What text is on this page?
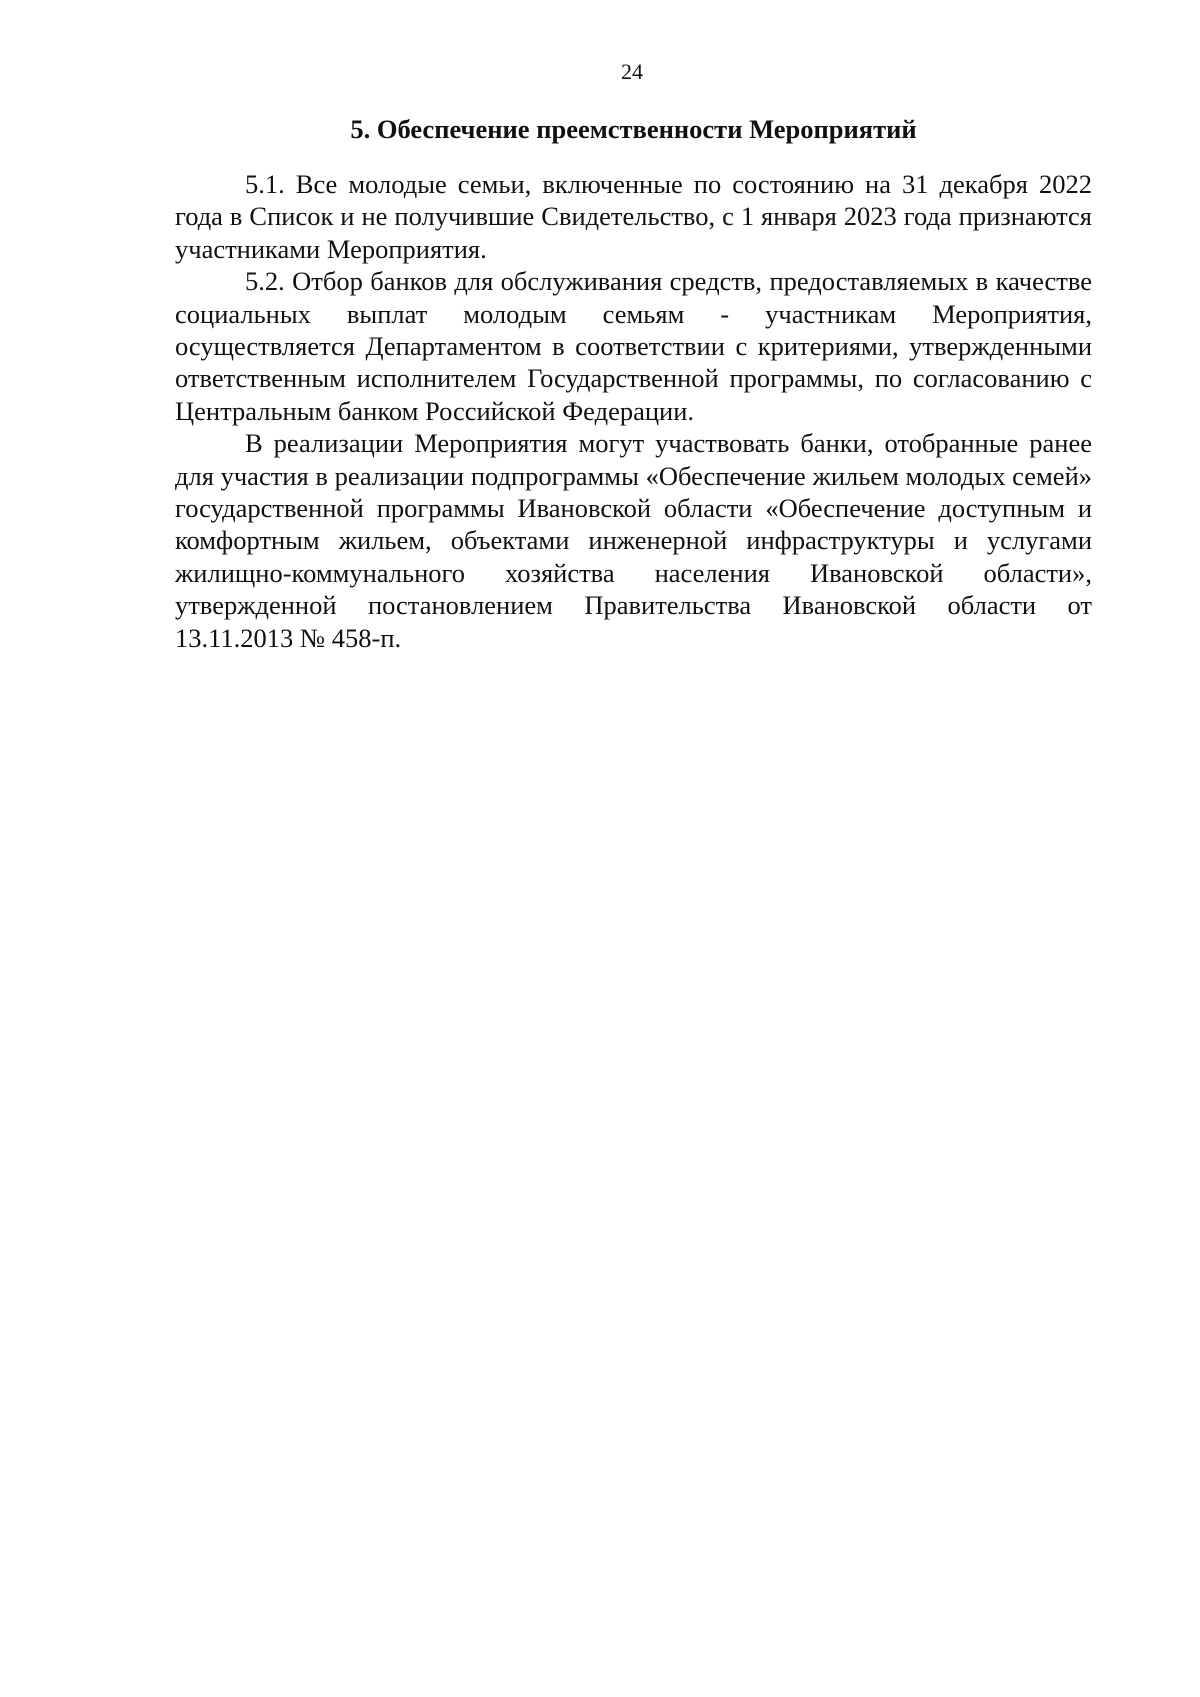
24
5. Обеспечение преемственности Мероприятий

5.1. Все молодые семьи, включенные по состоянию на 31 декабря 2022 года в Список и не получившие Свидетельство, с 1 января 2023 года признаются участниками Мероприятия.

5.2. Отбор банков для обслуживания средств, предоставляемых в качестве социальных выплат молодым семьям - участникам Мероприятия, осуществляется Департаментом в соответствии с критериями, утвержденными ответственным исполнителем Государственной программы, по согласованию с Центральным банком Российской Федерации.

В реализации Мероприятия могут участвовать банки, отобранные ранее для участия в реализации подпрограммы «Обеспечение жильем молодых семей» государственной программы Ивановской области «Обеспечение доступным и комфортным жильем, объектами инженерной инфраструктуры и услугами жилищно-коммунального хозяйства населения Ивановской области», утвержденной постановлением Правительства Ивановской области от 13.11.2013 № 458-п.
